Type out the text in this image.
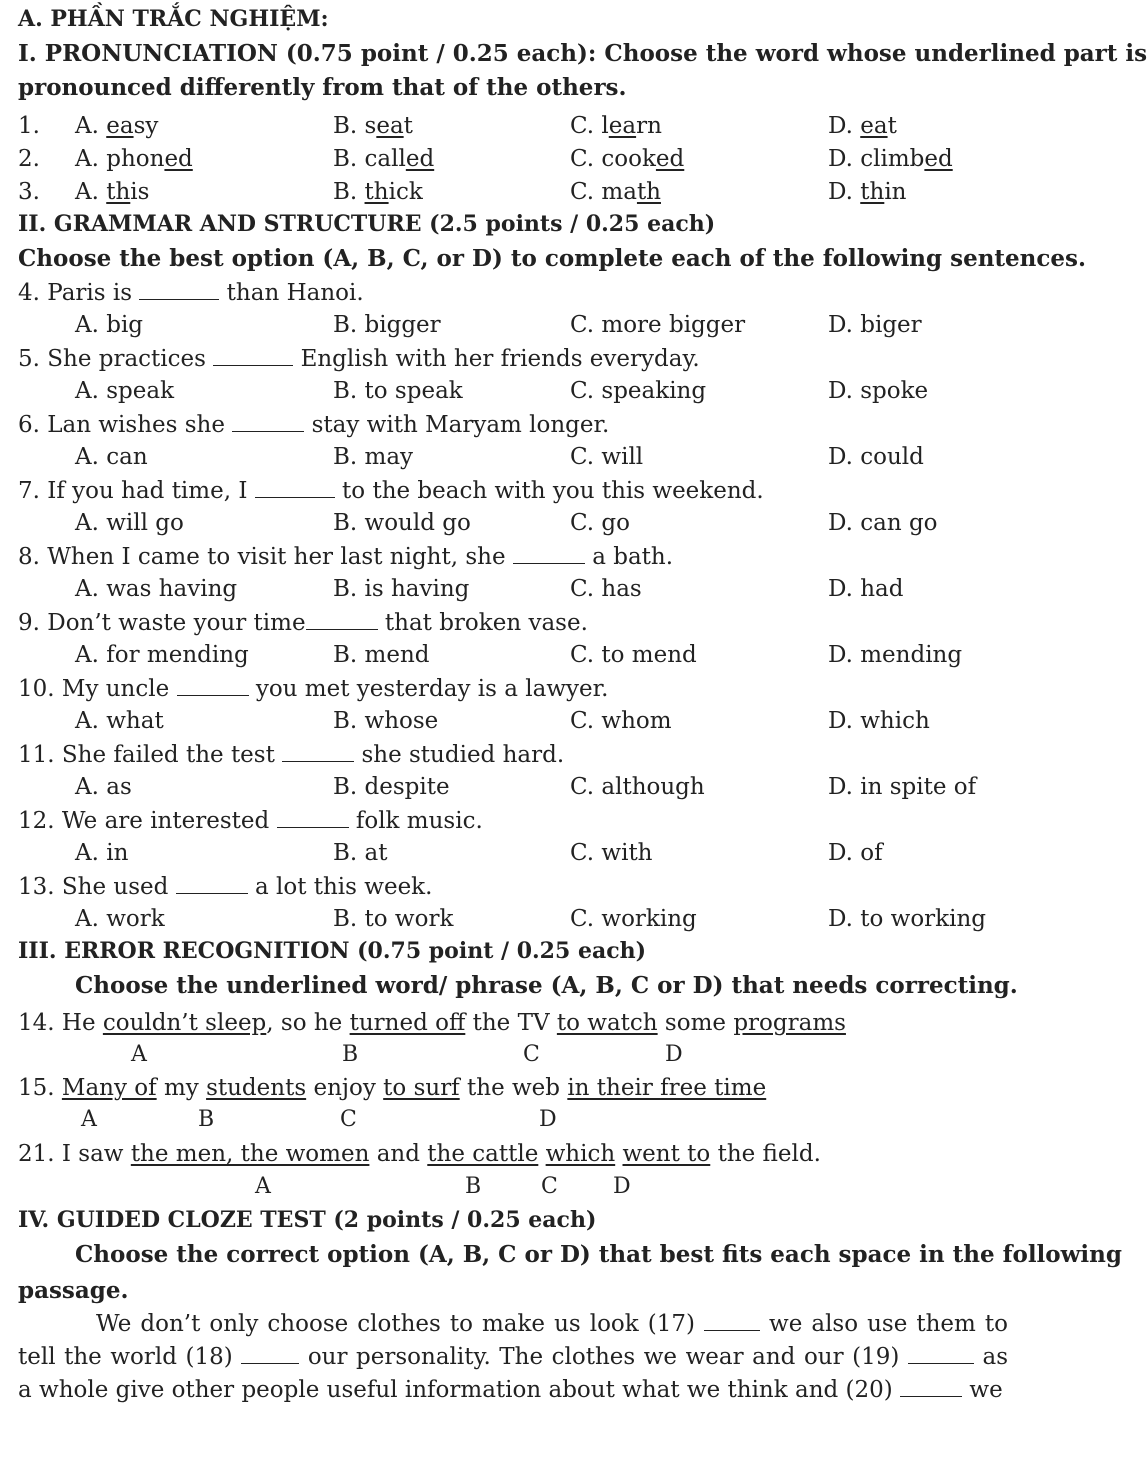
A. PHẦN TRẮC NGHIỆM:
I. PRONUNCIATION (0.75 point / 0.25 each): Choose the word whose underlined part is
pronounced differently from that of the others.
1. A. easy	B. seat	C. learn	D. eat
2. A. phoned	B. called	C. cooked	D. climbed
3. A. this	B. thick	C. math	D. thin
II. GRAMMAR AND STRUCTURE (2.5 points / 0.25 each)
Choose the best option (A, B, C, or D) to complete each of the following sentences.
4. Paris is	than Hanoi.
A. big	B. bigger	C. more bigger	D. biger
5. She practices	English with her friends everyday.
A. speak	B. to speak	C. speaking	D. spoke
6. Lan wishes she	stay with Maryam longer.
A. can	B. may	C. will	D. could
7. If you had time, I	to the beach with you this weekend.
A. will go	B. would go	C. go	D. can go
8. When I came to visit her last night, she	a bath.
A. was having	B. is having	C. has	D. had
9. Don’t waste your time	that broken vase.
A. for mending	B. mend	C. to mend	D. mending
10. My uncle	you met yesterday is a lawyer.
A. what	B. whose	C. whom	D. which
11. She failed the test	she studied hard.
A. as	B. despite	C. although	D. in spite of
12. We are interested	folk music.
A. in	B. at	C. with	D. of
13. She used	a lot this week.
A. work	B. to work	C. working	D. to working
III. ERROR RECOGNITION (0.75 point / 0.25 each)
Choose the underlined word/ phrase (A, B, C or D) that needs correcting.
14. He couldn’t sleep, so he turned off the TV to watch some programs
A	B	C	D
15. Many of my students enjoy to surf the web in their free time
A	B	C	D
21. I saw the men, the women and the cattle which went to the field.
A	B	C	D
IV. GUIDED CLOZE TEST (2 points / 0.25 each)
Choose the correct option (A, B, C or D) that best fits each space in the following
passage.

We don’t only choose clothes to make us look (17)  we also use them to tell the world (18)	our personality. The clothes we wear and our (19)	as a whole give other people useful information about what we think and (20)	we
